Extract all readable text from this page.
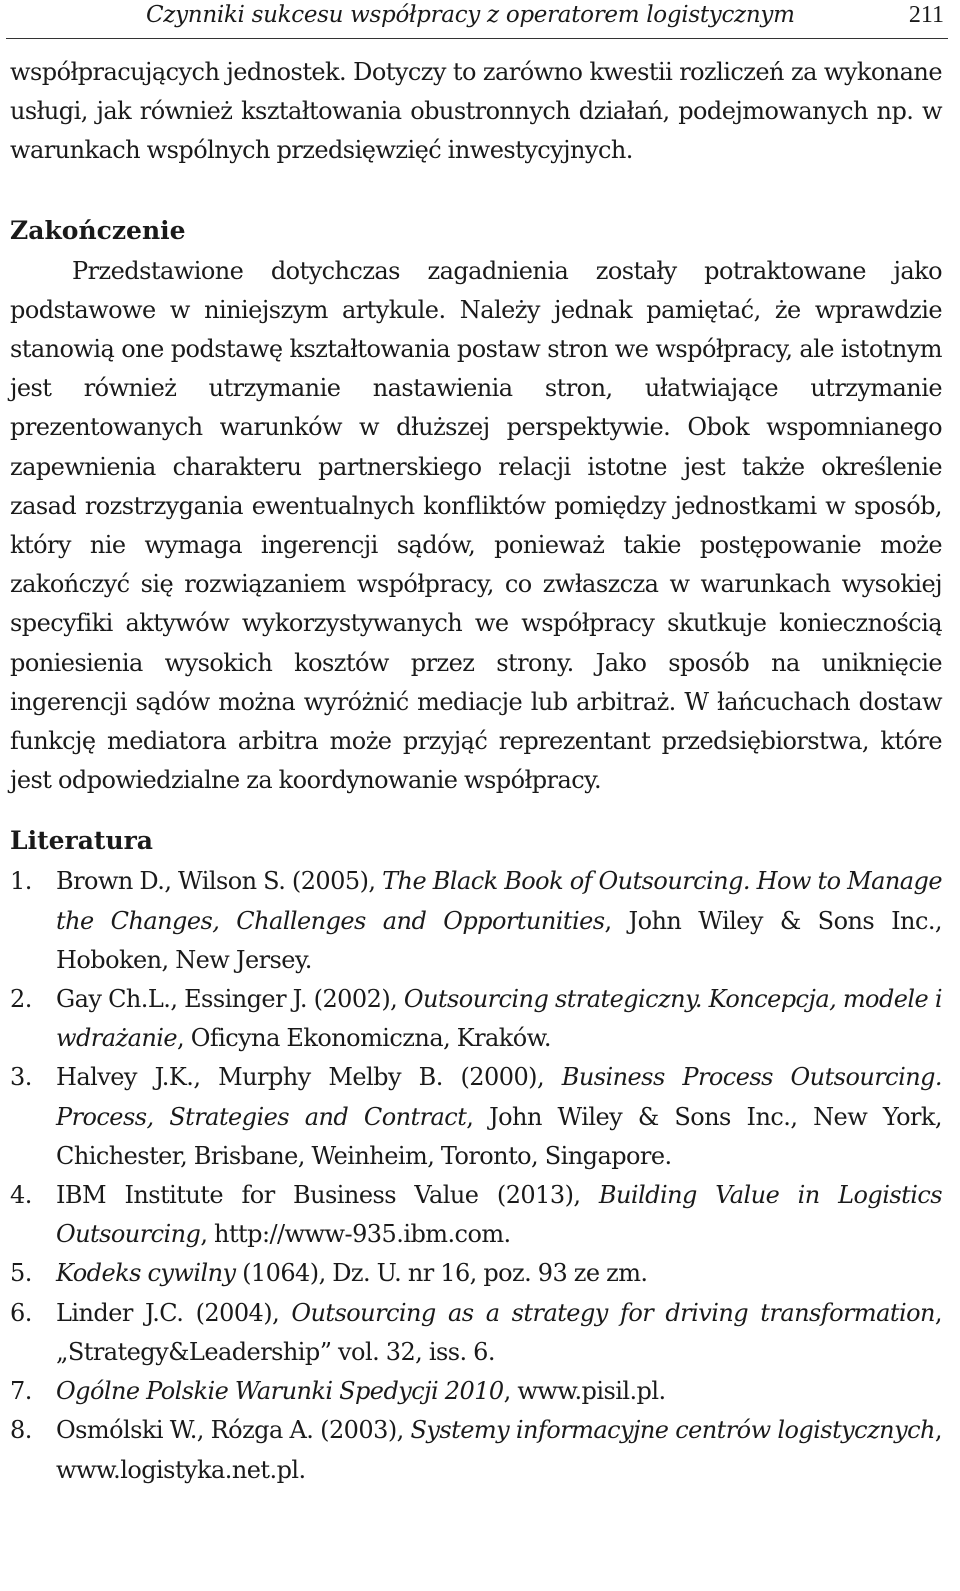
Czynniki sukcesu współpracy z operatorem logistycznym	211

współpracujących jednostek. Dotyczy to zarówno kwestii rozliczeń za wykonane usługi, jak również kształtowania obustronnych działań, podejmowanych np. w warunkach wspólnych przedsięwzięć inwestycyjnych.

Zakończenie

Przedstawione dotychczas zagadnienia zostały potraktowane jako podstawowe w niniejszym artykule. Należy jednak pamiętać, że wprawdzie stanowią one podstawę kształtowania postaw stron we współpracy, ale istotnym jest również utrzymanie nastawienia stron, ułatwiające utrzymanie prezentowanych warunków w dłuższej perspektywie. Obok wspomnianego zapewnienia charakteru partnerskiego relacji istotne jest także określenie zasad rozstrzygania ewentualnych konfliktów pomiędzy jednostkami w sposób, który nie wymaga ingerencji sądów, ponieważ takie postępowanie może zakończyć się rozwiązaniem współpracy, co zwłaszcza w warunkach wysokiej specyfiki aktywów wykorzystywanych we współpracy skutkuje koniecznością poniesienia wysokich kosztów przez strony. Jako sposób na uniknięcie ingerencji sądów można wyróżnić mediacje lub arbitraż. W łańcuchach dostaw funkcję mediatora arbitra może przyjąć reprezentant przedsiębiorstwa, które jest odpowiedzialne za koordynowanie współpracy.

Literatura
1. Brown D., Wilson S. (2005), The Black Book of Outsourcing. How to Manage the Changes, Challenges and Opportunities, John Wiley & Sons Inc., Hoboken, New Jersey.
2. Gay Ch.L., Essinger J. (2002), Outsourcing strategiczny. Koncepcja, modele i wdrażanie, Oficyna Ekonomiczna, Kraków.
3. Halvey J.K., Murphy Melby B. (2000), Business Process Outsourcing. Process, Strategies and Contract, John Wiley & Sons Inc., New York, Chichester, Brisbane, Weinheim, Toronto, Singapore.
4. IBM Institute for Business Value (2013), Building Value in Logistics Outsourcing, http://www-935.ibm.com.
5. Kodeks cywilny (1064), Dz. U. nr 16, poz. 93 ze zm.
6. Linder J.C. (2004), Outsourcing as a strategy for driving transformation, „Strategy&Leadership” vol. 32, iss. 6.
7. Ogólne Polskie Warunki Spedycji 2010, www.pisil.pl.
8. Osmólski W., Rózga A. (2003), Systemy informacyjne centrów logistycznych, www.logistyka.net.pl.
